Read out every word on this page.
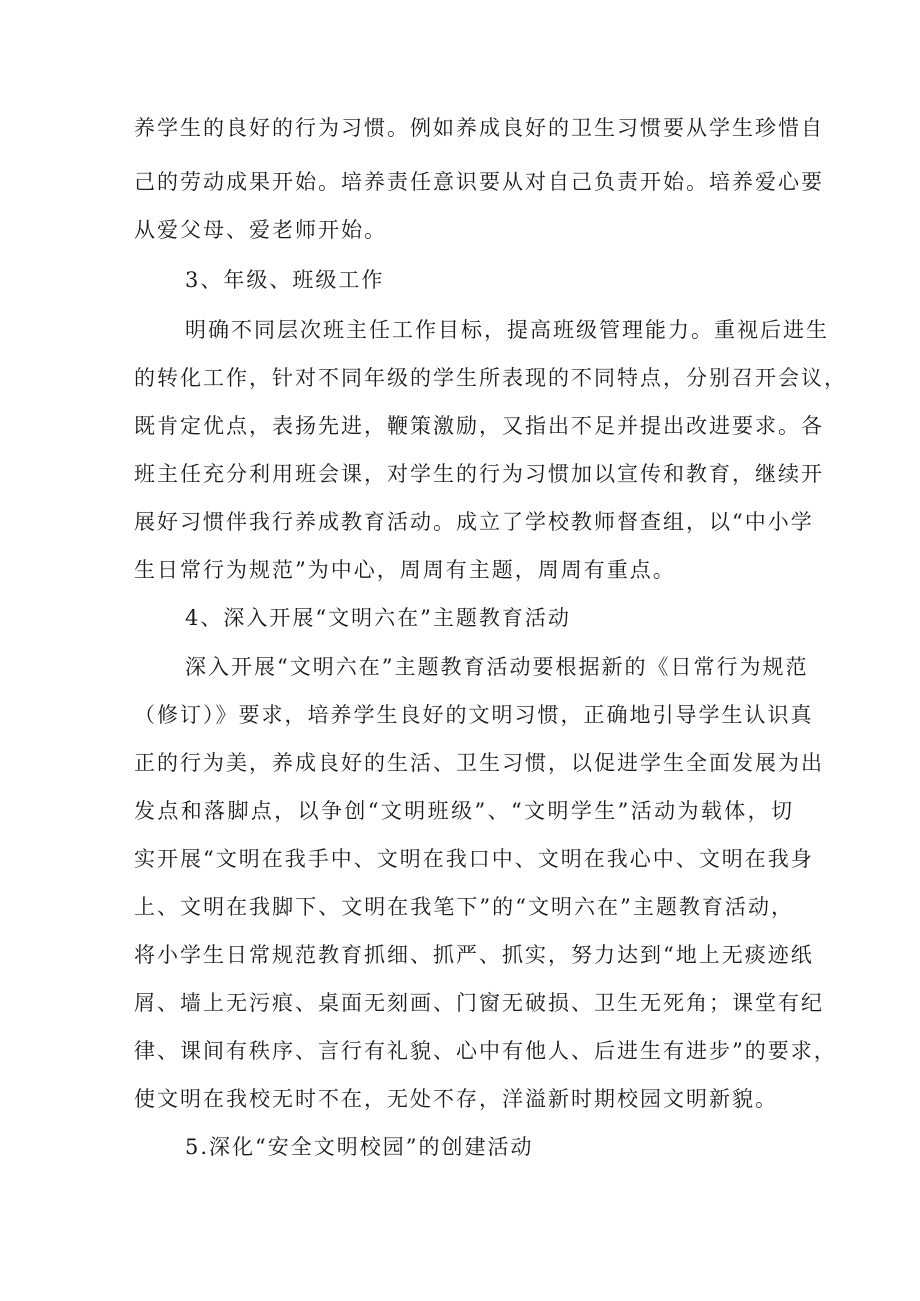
养学生的良好的行为习惯。例如养成良好的卫生习惯要从学生珍惜自
己的劳动成果开始。培养责任意识要从对自己负责开始。培养爱心要
从爱父母、爱老师开始。
3、年级、班级工作
明确不同层次班主任工作目标，提高班级管理能力。重视后进生
的转化工作，针对不同年级的学生所表现的不同特点，分别召开会议，
既肯定优点，表扬先进，鞭策激励，又指出不足并提出改进要求。各
班主任充分利用班会课，对学生的行为习惯加以宣传和教育，继续开
展好习惯伴我行养成教育活动。成立了学校教师督查组，以“中小学
生日常行为规范”为中心，周周有主题，周周有重点。
4、深入开展“文明六在”主题教育活动
深入开展“文明六在”主题教育活动要根据新的《日常行为规范
（修订）》要求，培养学生良好的文明习惯，正确地引导学生认识真
正的行为美，养成良好的生活、卫生习惯，以促进学生全面发展为出
发点和落脚点，以争创“文明班级”、“文明学生”活动为载体，切
实开展“文明在我手中、文明在我口中、文明在我心中、文明在我身
上、文明在我脚下、文明在我笔下”的“文明六在”主题教育活动，
将小学生日常规范教育抓细、抓严、抓实，努力达到“地上无痰迹纸
屑、墙上无污痕、桌面无刻画、门窗无破损、卫生无死角；课堂有纪
律、课间有秩序、言行有礼貌、心中有他人、后进生有进步”的要求，
使文明在我校无时不在，无处不存，洋溢新时期校园文明新貌。
5.深化“安全文明校园”的创建活动
